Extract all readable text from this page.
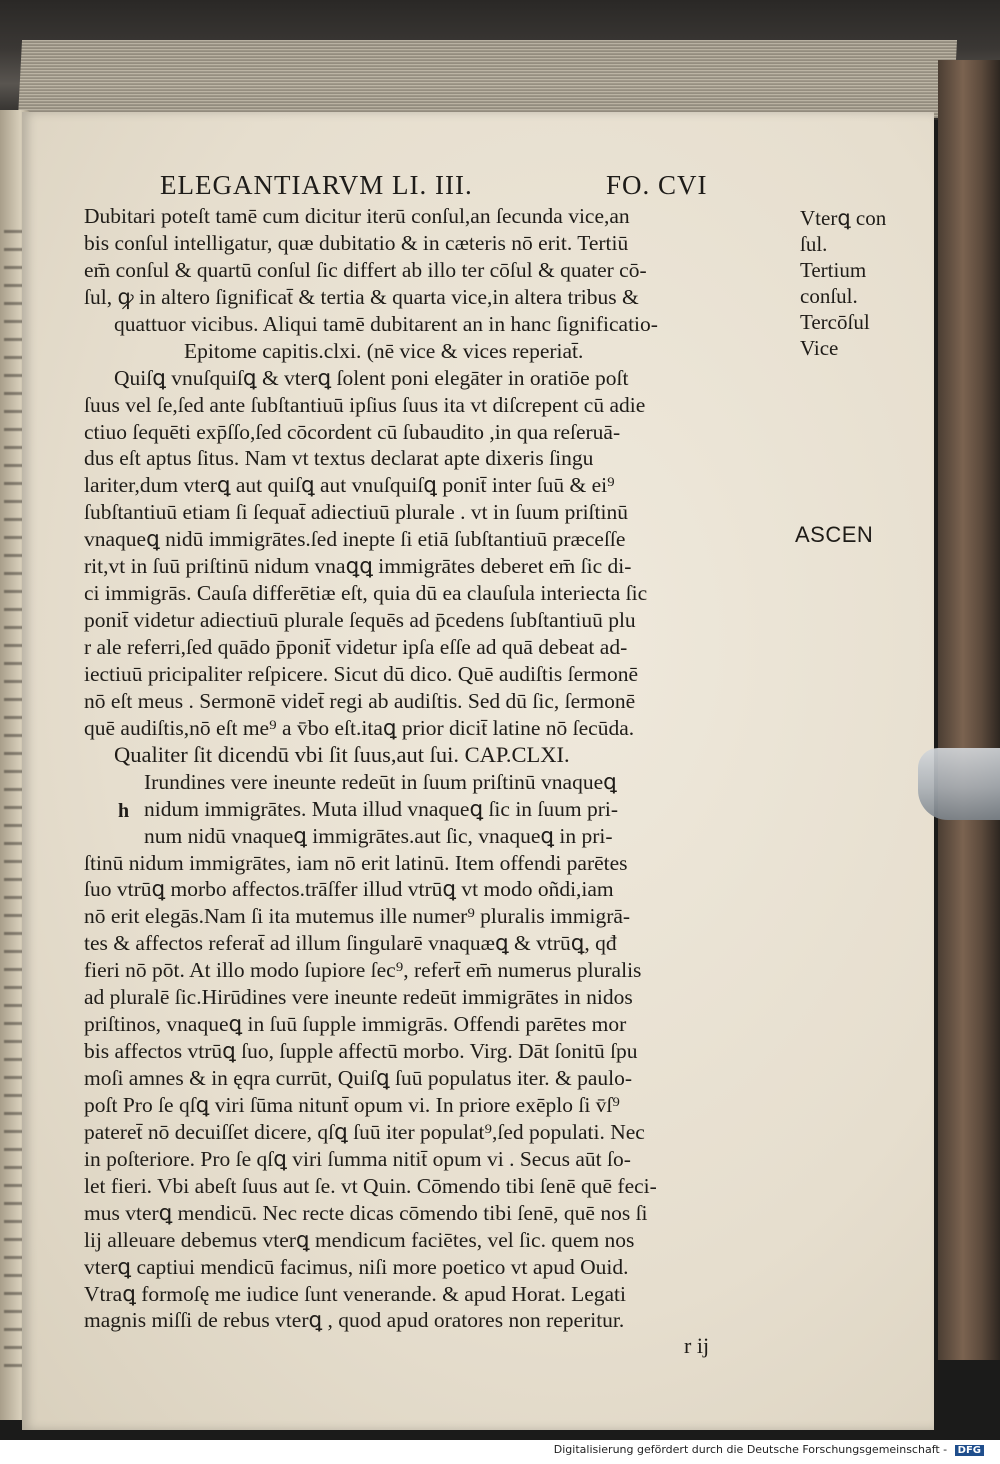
ELEGANTIARVM LI. III.	FO. CVI
Dubitari poteſt tamē cum dicitur iterū conſul,an ſecunda vice,an
bis conſul intelligatur, quæ dubitatio & in cæteris nō erit. Tertiū
em̄ conſul & quartū conſul ſic differt ab illo ter cōſul & quater cō-
ſul, ꝙ in altero ſignificat̄ & tertia & quarta vice,in altera tribus &
quattuor vicibus. Aliqui tamē dubitarent an in hanc ſignificatio-
Epitome capitis.clxi. (nē vice & vices reperiat̄.
Quiſꝗ vnuſquiſꝗ & vterꝗ ſolent poni elegāter in oratiōe poſt
ſuus vel ſe,ſed ante ſubſtantiuū ipſius ſuus ita vt diſcrepent cū adie
ctiuo ſequēti exp̄ſſo,ſed cōcordent cū ſubaudito ,in qua reſeruā-
dus eſt aptus ſitus. Nam vt textus declarat apte dixeris ſingu
lariter,dum vterꝗ aut quiſꝗ aut vnuſquiſꝗ ponit̄ inter ſuū & ei⁹
ſubſtantiuū etiam ſi ſequat̄ adiectiuū plurale . vt in ſuum priſtinū
vnaqueꝗ nidū immigrātes.ſed inepte ſi etiā ſubſtantiuū præceſſe
rit,vt in ſuū priſtinū nidum vnaꝗꝗ immigrātes deberet em̄ ſic di-
ci immigrās. Cauſa differētiæ eſt, quia dū ea clauſula interiecta ſic
ponit̄ videtur adiectiuū plurale ſequēs ad p̄cedens ſubſtantiuū plu
r ale referri,ſed quādo p̄ponit̄ videtur ipſa eſſe ad quā debeat ad-
iectiuū pricipaliter reſpicere. Sicut dū dico. Quē audiſtis ſermonē
nō eſt meus . Sermonē videt̄ regi ab audiſtis. Sed dū ſic, ſermonē
quē audiſtis,nō eſt me⁹ a v̄bo eſt.itaꝗ prior dicit̄ latine nō ſecūda.
Qualiter ſit dicendū vbi ſit ſuus,aut ſui. CAP.CLXI.
Irundines vere ineunte redeūt in ſuum priſtinū vnaqueꝗ
nidum immigrātes. Muta illud vnaqueꝗ ſic in ſuum pri-
num nidū vnaqueꝗ immigrātes.aut ſic, vnaqueꝗ in pri-
ſtinū nidum immigrātes, iam nō erit latinū. Item offendi parētes
ſuo vtrūꝗ morbo affectos.trāſfer illud vtrūꝗ vt modo oñdi,iam
nō erit elegās.Nam ſi ita mutemus ille numer⁹ pluralis immigrā-
tes & affectos referat̄ ad illum ſingularē vnaquæꝗ & vtrūꝗ, qđ
fieri nō pōt. At illo modo ſupiore ſec⁹, refert̄ em̄ numerus pluralis
ad pluralē ſic.Hirūdines vere ineunte redeūt immigrātes in nidos
priſtinos, vnaqueꝗ in ſuū ſupple immigrās. Offendi parētes mor
bis affectos vtrūꝗ ſuo, ſupple affectū morbo. Virg. Dāt ſonitū ſpu
moſi amnes & in ęqra currūt, Quiſꝗ ſuū populatus iter. & paulo-
poſt Pro ſe qſꝗ viri ſūma nitunt̄ opum vi. In priore exēplo ſi v̄ſ⁹
pateret̄ nō decuiſſet dicere, qſꝗ ſuū iter populat⁹,ſed populati. Nec
in poſteriore. Pro ſe qſꝗ viri ſumma nitit̄ opum vi . Secus aūt ſo-
let fieri. Vbi abeſt ſuus aut ſe. vt Quin. Cōmendo tibi ſenē quē feci-
mus vterꝗ mendicū. Nec recte dicas cōmendo tibi ſenē, quē nos ſi
lij alleuare debemus vterꝗ mendicum faciētes, vel ſic. quem nos
vterꝗ captiui mendicū facimus, niſi more poetico vt apud Ouid.
Vtraꝗ formoſę me iudice ſunt venerande. & apud Horat. Legati
magnis miſſi de rebus vterꝗ , quod apud oratores non reperitur.
Vterꝗ con
ſul.
Tertium
conſul.
Tercōſul
Vice
ASCEN
h
r ij
Digitalisierung gefördert durch die Deutsche Forschungsgemeinschaft - DFG
